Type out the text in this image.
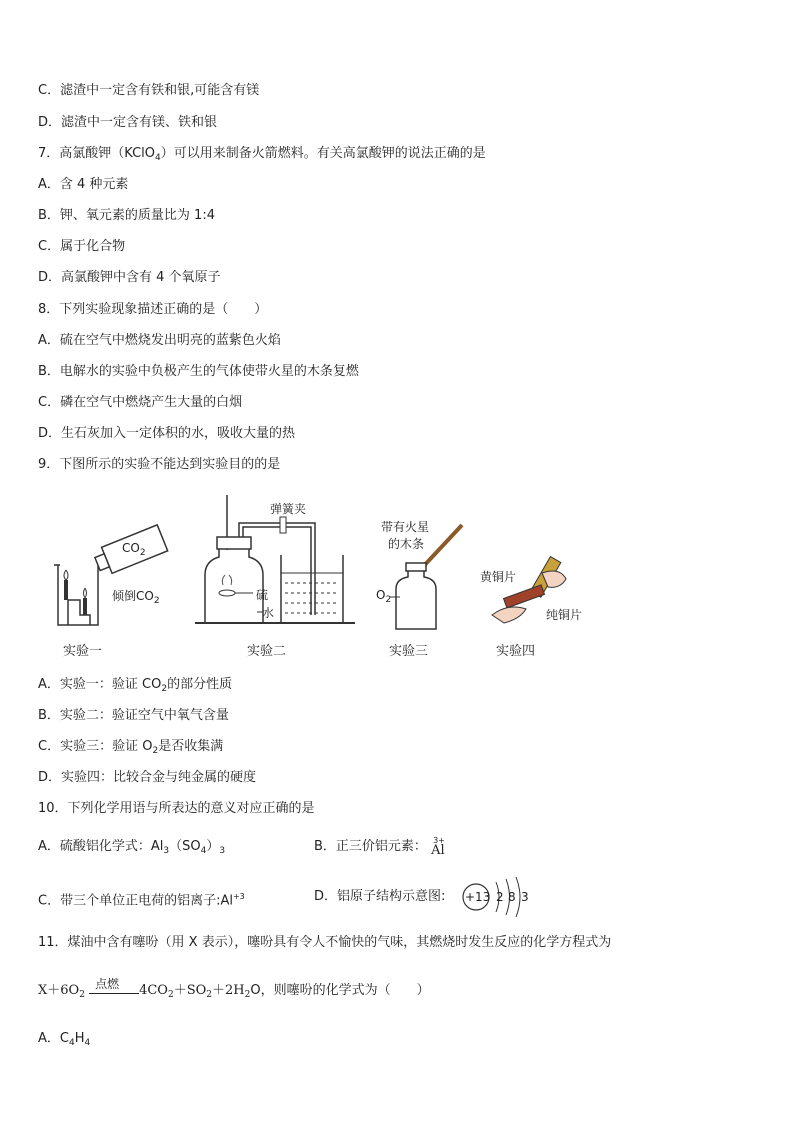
C．滤渣中一定含有铁和银,可能含有镁
D．滤渣中一定含有镁、铁和银
7．高氯酸钾（KClO$_4$）可以用来制备火箭燃料。有关高氯酸钾的说法正确的是
A．含 4 种元素
B．钾、氧元素的质量比为 1:4
C．属于化合物
D．高氯酸钾中含有 4 个氧原子
8．下列实验现象描述正确的是（　　）
A．硫在空气中燃烧发出明亮的蓝紫色火焰
B．电解水的实验中负极产生的气体使带火星的木条复燃
C．磷在空气中燃烧产生大量的白烟
D．生石灰加入一定体积的水，吸收大量的热
9．下图所示的实验不能达到实验目的的是
$CO_2$
倾倒$CO_2$
实验一
弹簧夹
硫
水
实验二
带有火星
的木条
$O_2$
实验三
黄铜片
纯铜片
实验四
A．实验一：验证 $CO_2$的部分性质
B．实验二：验证空气中氧气含量
C．实验三：验证 $O_2$是否收集满
D．实验四：比较合金与纯金属的硬度
10．下列化学用语与所表达的意义对应正确的是
A．硫酸铝化学式：$Al_3(SO_4)_3$	B．正三价铝元素： 3+
Al
C．带三个单位正电荷的铝离子$:Al^{+3}$	D．铝原子结构示意图: +13 2 8 3
11．煤油中含有噻吩（用 X 表示），噻吩具有令人不愉快的气味，其燃烧时发生反应的化学方程式为
$X+6O_2$
点燃 $4CO_2+SO_2+2H_2O$，则噻吩的化学式为（　　）
A．$C_4H_4$
